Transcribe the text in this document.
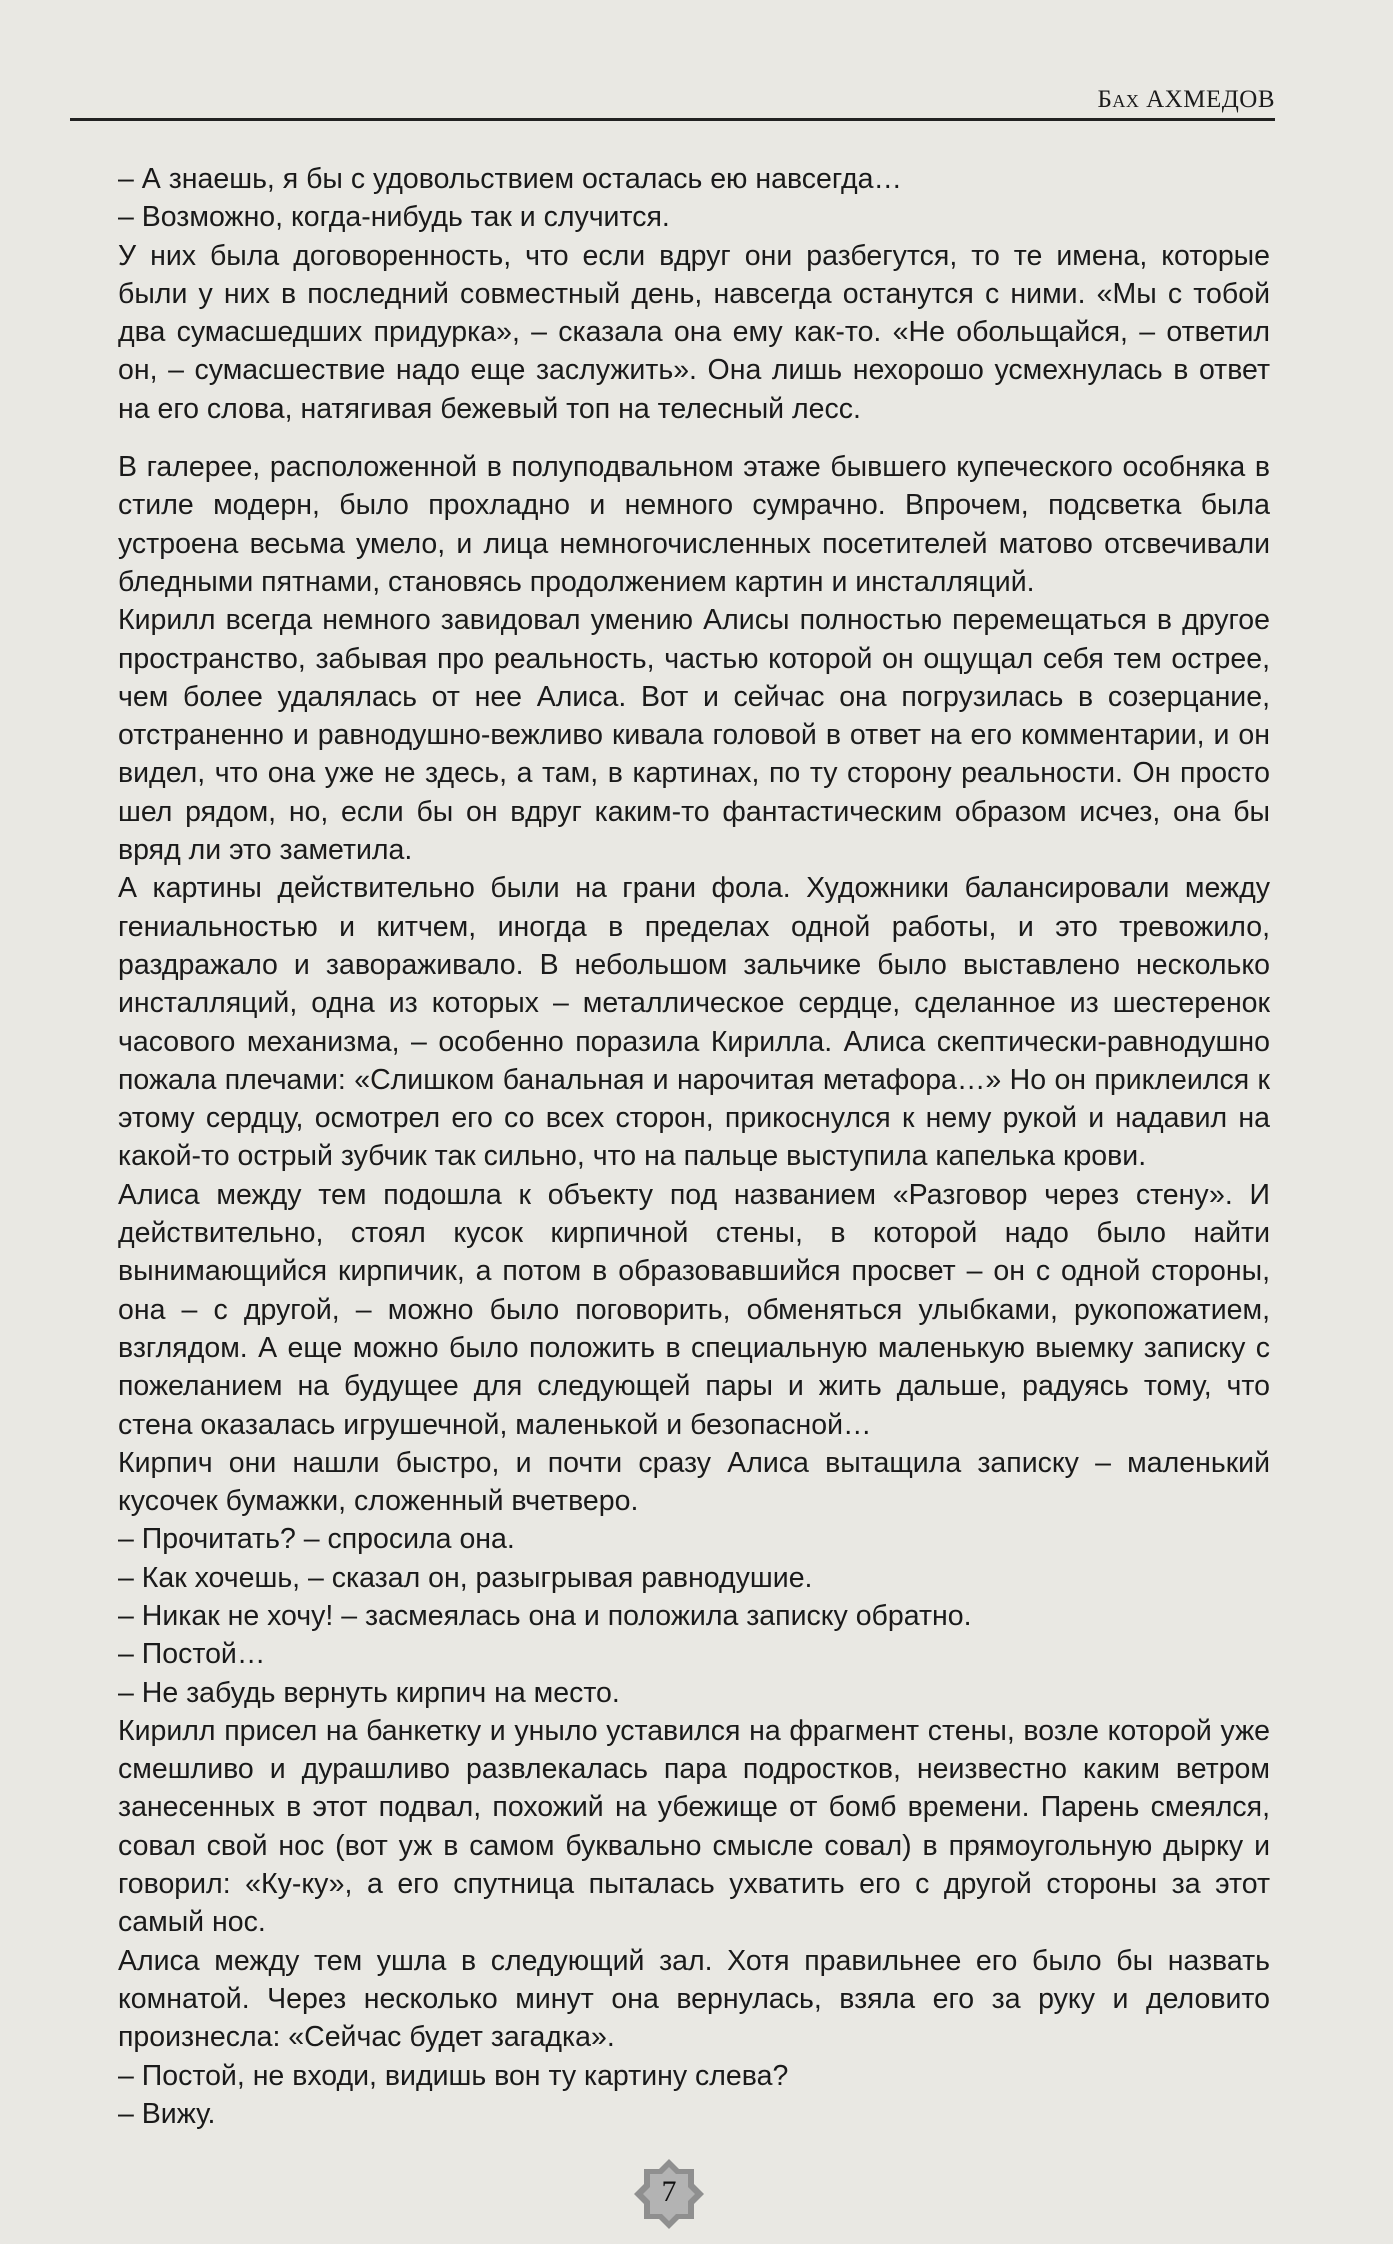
Бах АХМЕДОВ

– А знаешь, я бы с удовольствием осталась ею навсегда…

– Возможно, когда-нибудь так и случится.

У них была договоренность, что если вдруг они разбегутся, то те имена, которые были у них в последний совместный день, навсегда останутся с ними. «Мы с тобой два сумасшедших придурка», – сказала она ему как-то. «Не обольщайся, – ответил он, – сумасшествие надо еще заслужить». Она лишь нехорошо усмехнулась в ответ на его слова, натягивая бежевый топ на телесный лесс.

В галерее, расположенной в полуподвальном этаже бывшего купеческого особняка в стиле модерн, было прохладно и немного сумрачно. Впрочем, подсветка была устроена весьма умело, и лица немногочисленных посетителей матово отсвечивали бледными пятнами, становясь продолжением картин и инсталляций.

Кирилл всегда немного завидовал умению Алисы полностью перемещаться в другое пространство, забывая про реальность, частью которой он ощущал себя тем острее, чем более удалялась от нее Алиса. Вот и сейчас она погрузилась в созерцание, отстраненно и равнодушно-вежливо кивала головой в ответ на его комментарии, и он видел, что она уже не здесь, а там, в картинах, по ту сторону реальности. Он просто шел рядом, но, если бы он вдруг каким-то фантастическим образом исчез, она бы вряд ли это заметила.

А картины действительно были на грани фола. Художники балансировали между гениальностью и китчем, иногда в пределах одной работы, и это тревожило, раздражало и завораживало. В небольшом зальчике было выставлено несколько инсталляций, одна из которых – металлическое сердце, сделанное из шестеренок часового механизма, – особенно поразила Кирилла. Алиса скептически-равнодушно пожала плечами: «Слишком банальная и нарочитая метафора…» Но он приклеился к этому сердцу, осмотрел его со всех сторон, прикоснулся к нему рукой и надавил на какой-то острый зубчик так сильно, что на пальце выступила капелька крови.

Алиса между тем подошла к объекту под названием «Разговор через стену». И действительно, стоял кусок кирпичной стены, в которой надо было найти вынимающийся кирпичик, а потом в образовавшийся просвет – он с одной стороны, она – с другой, – можно было поговорить, обменяться улыбками, рукопожатием, взглядом. А еще можно было положить в специальную маленькую выемку записку с пожеланием на будущее для следующей пары и жить дальше, радуясь тому, что стена оказалась игрушечной, маленькой и безопасной…

Кирпич они нашли быстро, и почти сразу Алиса вытащила записку – маленький кусочек бумажки, сложенный вчетверо.

– Прочитать? – спросила она.

– Как хочешь, – сказал он, разыгрывая равнодушие.

– Никак не хочу! – засмеялась она и положила записку обратно.

– Постой…

– Не забудь вернуть кирпич на место.

Кирилл присел на банкетку и уныло уставился на фрагмент стены, возле которой уже смешливо и дурашливо развлекалась пара подростков, неизвестно каким ветром занесенных в этот подвал, похожий на убежище от бомб времени. Парень смеялся, совал свой нос (вот уж в самом буквально смысле совал) в прямоугольную дырку и говорил: «Ку-ку», а его спутница пыталась ухватить его с другой стороны за этот самый нос.

Алиса между тем ушла в следующий зал. Хотя правильнее его было бы назвать комнатой. Через несколько минут она вернулась, взяла его за руку и деловито произнесла: «Сейчас будет загадка».

– Постой, не входи, видишь вон ту картину слева?

– Вижу.

7
